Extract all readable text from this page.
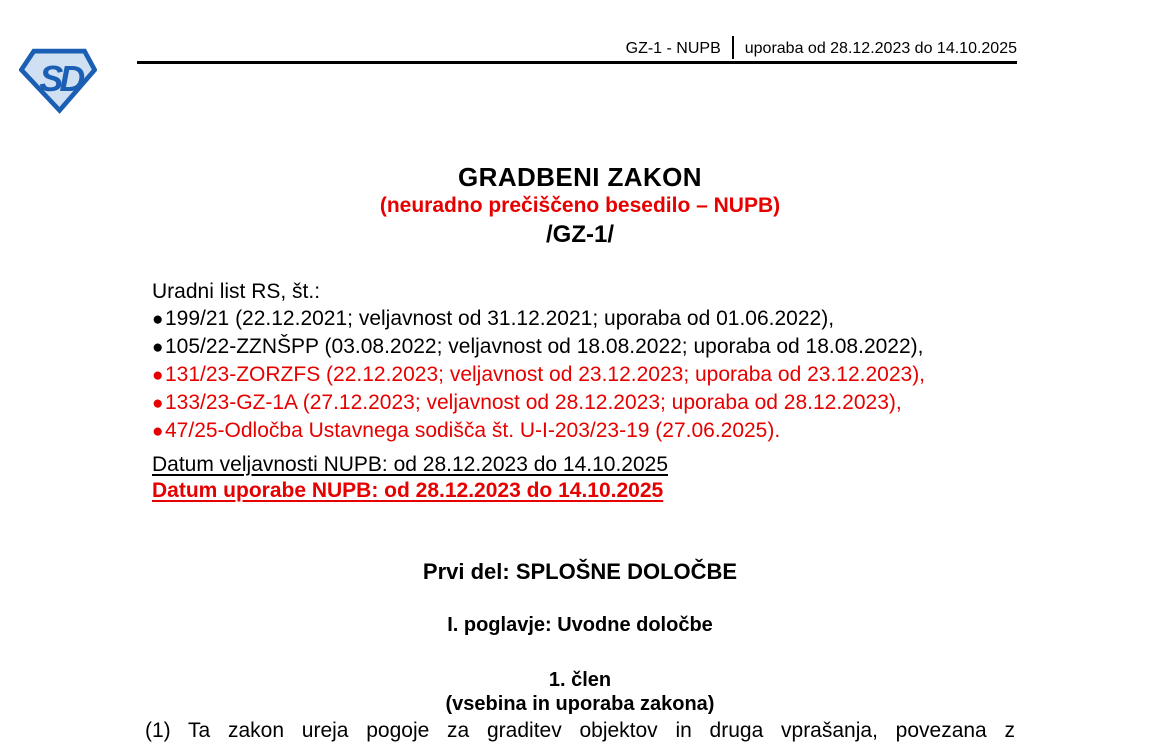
SD
GZ-1 - NUPB uporaba od 28.12.2023 do 14.10.2025
GRADBENI ZAKON
(neuradno prečiščeno besedilo – NUPB)
/GZ-1/
Uradni list RS, št.:
●199/21 (22.12.2021; veljavnost od 31.12.2021; uporaba od 01.06.2022),
●105/22-ZZNŠPP (03.08.2022; veljavnost od 18.08.2022; uporaba od 18.08.2022),
●131/23-ZORZFS (22.12.2023; veljavnost od 23.12.2023; uporaba od 23.12.2023),
●133/23-GZ-1A (27.12.2023; veljavnost od 28.12.2023; uporaba od 28.12.2023),
●47/25-Odločba Ustavnega sodišča št. U-I-203/23-19 (27.06.2025).
Datum veljavnosti NUPB: od 28.12.2023 do 14.10.2025
Datum uporabe NUPB: od 28.12.2023 do 14.10.2025
Prvi del: SPLOŠNE DOLOČBE
I. poglavje: Uvodne določbe
1. člen
(vsebina in uporaba zakona)
(1) Ta zakon ureja pogoje za graditev objektov in druga vprašanja, povezana z
